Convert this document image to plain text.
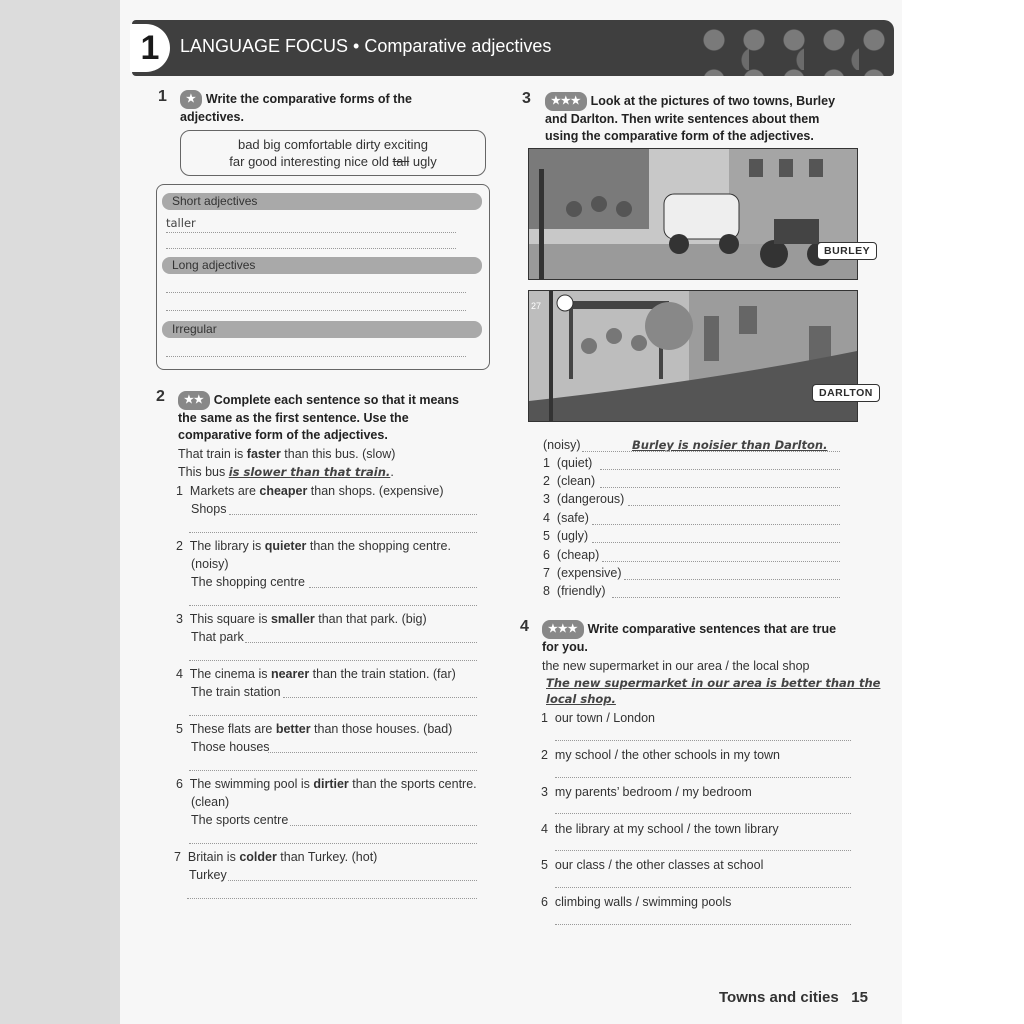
1	LANGUAGE FOCUS • Comparative adjectives
1	★ Write the comparative forms of the adjectives.
bad big comfortable dirty exciting
far good interesting nice old tall ugly
Short adjectives
taller
Long adjectives
Irregular
2	★★ Complete each sentence so that it means the same as the first sentence. Use the comparative form of the adjectives.
That train is faster than this bus. (slow)
This bus is slower than that train..
1 Markets are cheaper than shops. (expensive)
Shops
2 The library is quieter than the shopping centre.
(noisy)
The shopping centre
3 This square is smaller than that park. (big)
That park
4 The cinema is nearer than the train station. (far)
The train station
5 These flats are better than those houses. (bad)
Those houses
6 The swimming pool is dirtier than the sports centre.
(clean)
The sports centre
7 Britain is colder than Turkey. (hot)
Turkey
3	★★★ Look at the pictures of two towns, Burley and Darlton. Then write sentences about them using the comparative form of the adjectives.
BURLEY
27
DARLTON
(noisy)	Burley is noisier than Darlton.
1 (quiet)
2 (clean)
3 (dangerous)
4 (safe)
5 (ugly)
6 (cheap)
7 (expensive)
8 (friendly)
4	★★★ Write comparative sentences that are true for you.
the new supermarket in our area / the local shop
The new supermarket in our area is better than the
local shop.
1 our town / London
2 my school / the other schools in my town
3 my parents’ bedroom / my bedroom
4 the library at my school / the town library
5 our class / the other classes at school
6 climbing walls / swimming pools
Towns and cities 15
